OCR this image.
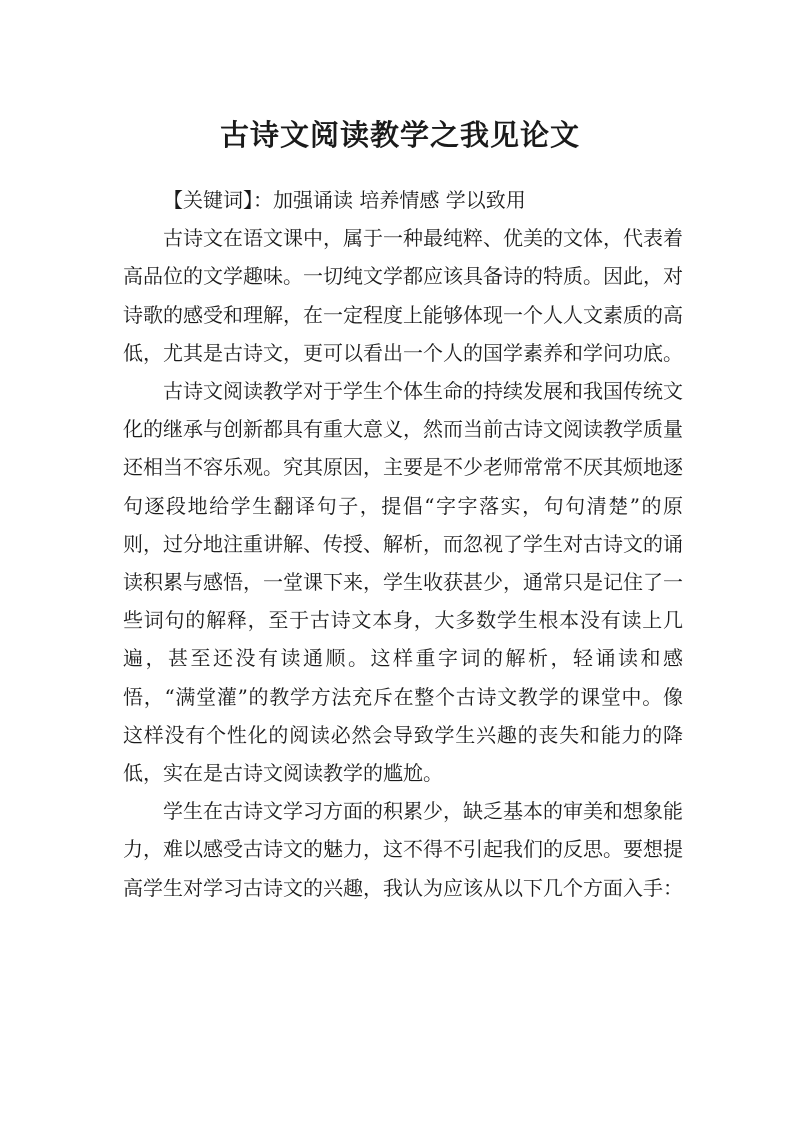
古诗文阅读教学之我见论文

【关键词】：加强诵读 培养情感 学以致用

古诗文在语文课中，属于一种最纯粹、优美的文体，代表着高品位的文学趣味。一切纯文学都应该具备诗的特质。因此，对诗歌的感受和理解，在一定程度上能够体现一个人人文素质的高低，尤其是古诗文，更可以看出一个人的国学素养和学问功底。

古诗文阅读教学对于学生个体生命的持续发展和我国传统文化的继承与创新都具有重大意义，然而当前古诗文阅读教学质量还相当不容乐观。究其原因，主要是不少老师常常不厌其烦地逐句逐段地给学生翻译句子，提倡“字字落实，句句清楚”的原则，过分地注重讲解、传授、解析，而忽视了学生对古诗文的诵读积累与感悟，一堂课下来，学生收获甚少，通常只是记住了一些词句的解释，至于古诗文本身，大多数学生根本没有读上几遍，甚至还没有读通顺。这样重字词的解析，轻诵读和感悟，“满堂灌”的教学方法充斥在整个古诗文教学的课堂中。像这样没有个性化的阅读必然会导致学生兴趣的丧失和能力的降低，实在是古诗文阅读教学的尴尬。

学生在古诗文学习方面的积累少，缺乏基本的审美和想象能力，难以感受古诗文的魅力，这不得不引起我们的反思。要想提高学生对学习古诗文的兴趣，我认为应该从以下几个方面入手：
